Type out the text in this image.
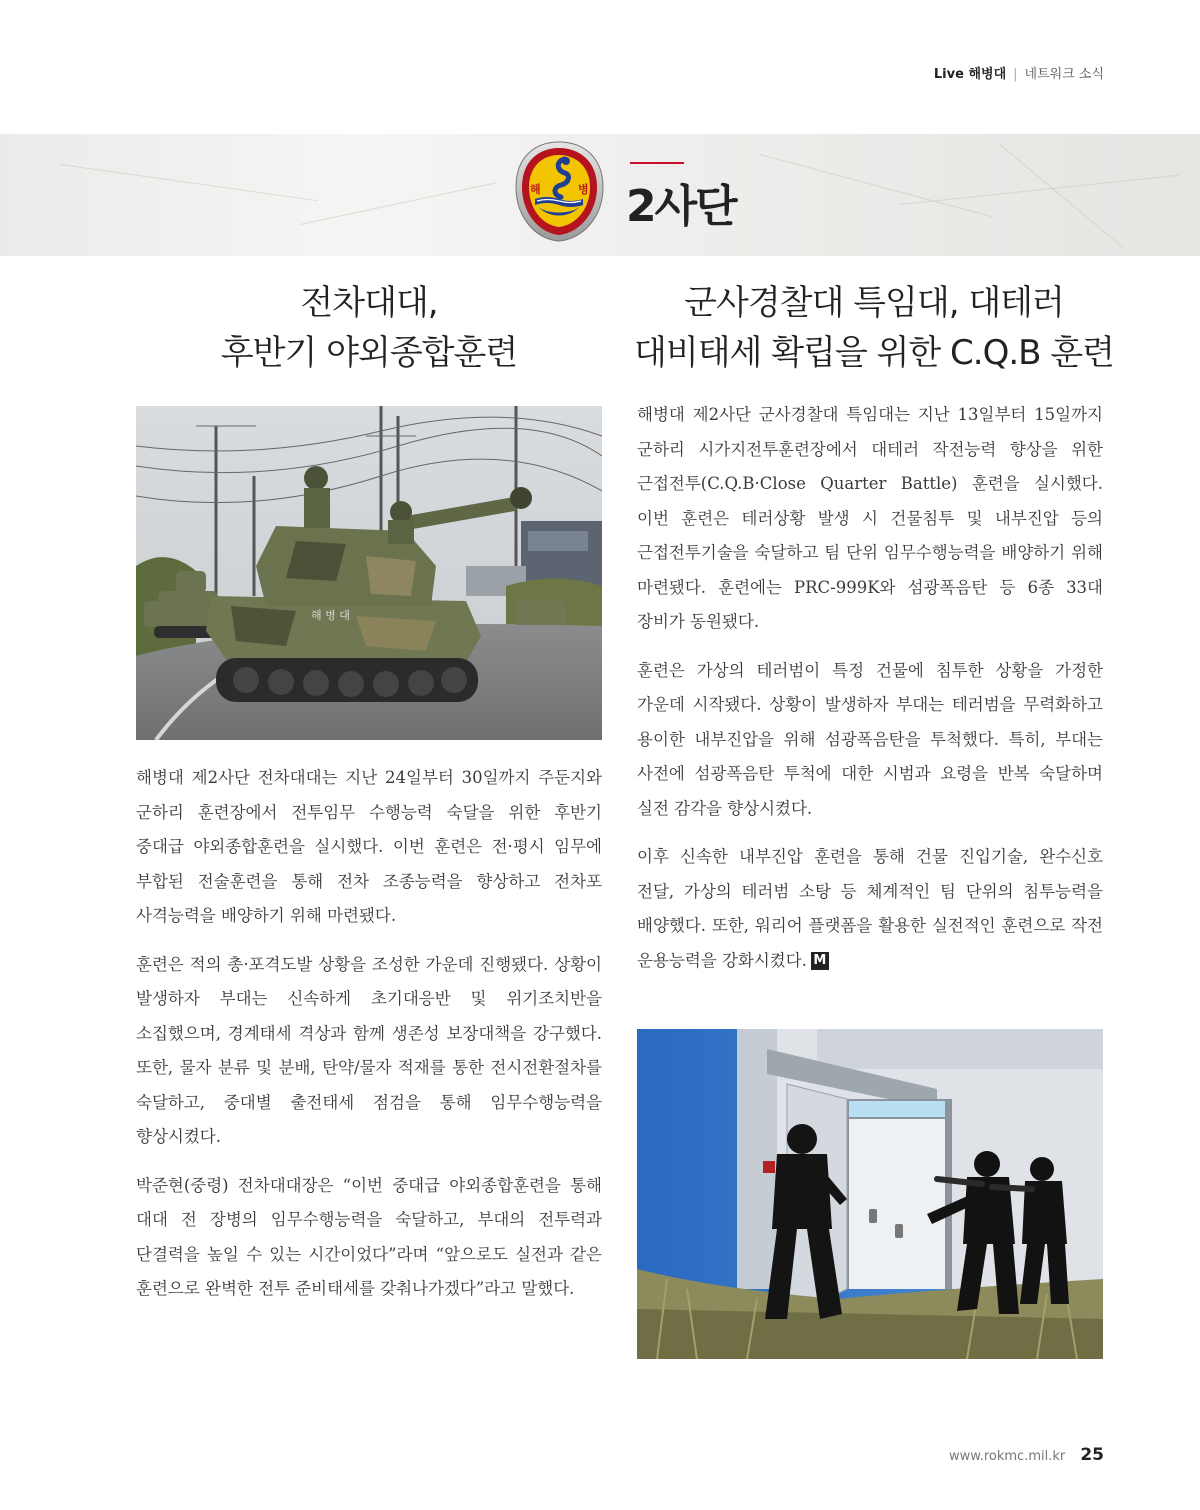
Live 해병대 | 네트워크 소식
해	병 2사단
전차대대,
후반기 야외종합훈련
군사경찰대 특임대, 대테러
대비태세 확립을 위한 C.Q.B 훈련
해 병 대

해병대 제2사단 전차대대는 지난 24일부터 30일까지 주둔지와 군하리 훈련장에서 전투임무 수행능력 숙달을 위한 후반기 중대급 야외종합훈련을 실시했다. 이번 훈련은 전·평시 임무에 부합된 전술훈련을 통해 전차 조종능력을 향상하고 전차포 사격능력을 배양하기 위해 마련됐다.

훈련은 적의 총·포격도발 상황을 조성한 가운데 진행됐다. 상황이 발생하자 부대는 신속하게 초기대응반 및 위기조치반을 소집했으며, 경계태세 격상과 함께 생존성 보장대책을 강구했다. 또한, 물자 분류 및 분배, 탄약/물자 적재를 통한 전시전환절차를 숙달하고, 중대별 출전태세 점검을 통해 임무수행능력을 향상시켰다.

박준현(중령) 전차대대장은 “이번 중대급 야외종합훈련을 통해 대대 전 장병의 임무수행능력을 숙달하고, 부대의 전투력과 단결력을 높일 수 있는 시간이었다”라며 “앞으로도 실전과 같은 훈련으로 완벽한 전투 준비태세를 갖춰나가겠다”라고 말했다.

해병대 제2사단 군사경찰대 특임대는 지난 13일부터 15일까지 군하리 시가지전투훈련장에서 대테러 작전능력 향상을 위한 근접전투(C.Q.B·Close Quarter Battle) 훈련을 실시했다. 이번 훈련은 테러상황 발생 시 건물침투 및 내부진압 등의 근접전투기술을 숙달하고 팀 단위 임무수행능력을 배양하기 위해 마련됐다. 훈련에는 PRC-999K와 섬광폭음탄 등 6종 33대 장비가 동원됐다.

훈련은 가상의 테러범이 특정 건물에 침투한 상황을 가정한 가운데 시작됐다. 상황이 발생하자 부대는 테러범을 무력화하고 용이한 내부진압을 위해 섬광폭음탄을 투척했다. 특히, 부대는 사전에 섬광폭음탄 투척에 대한 시범과 요령을 반복 숙달하며 실전 감각을 향상시켰다.

이후 신속한 내부진압 훈련을 통해 건물 진입기술, 완수신호 전달, 가상의 테러범 소탕 등 체계적인 팀 단위의 침투능력을 배양했다. 또한, 워리어 플랫폼을 활용한 실전적인 훈련으로 작전 운용능력을 강화시켰다. M

www.rokmc.mil.kr 25
